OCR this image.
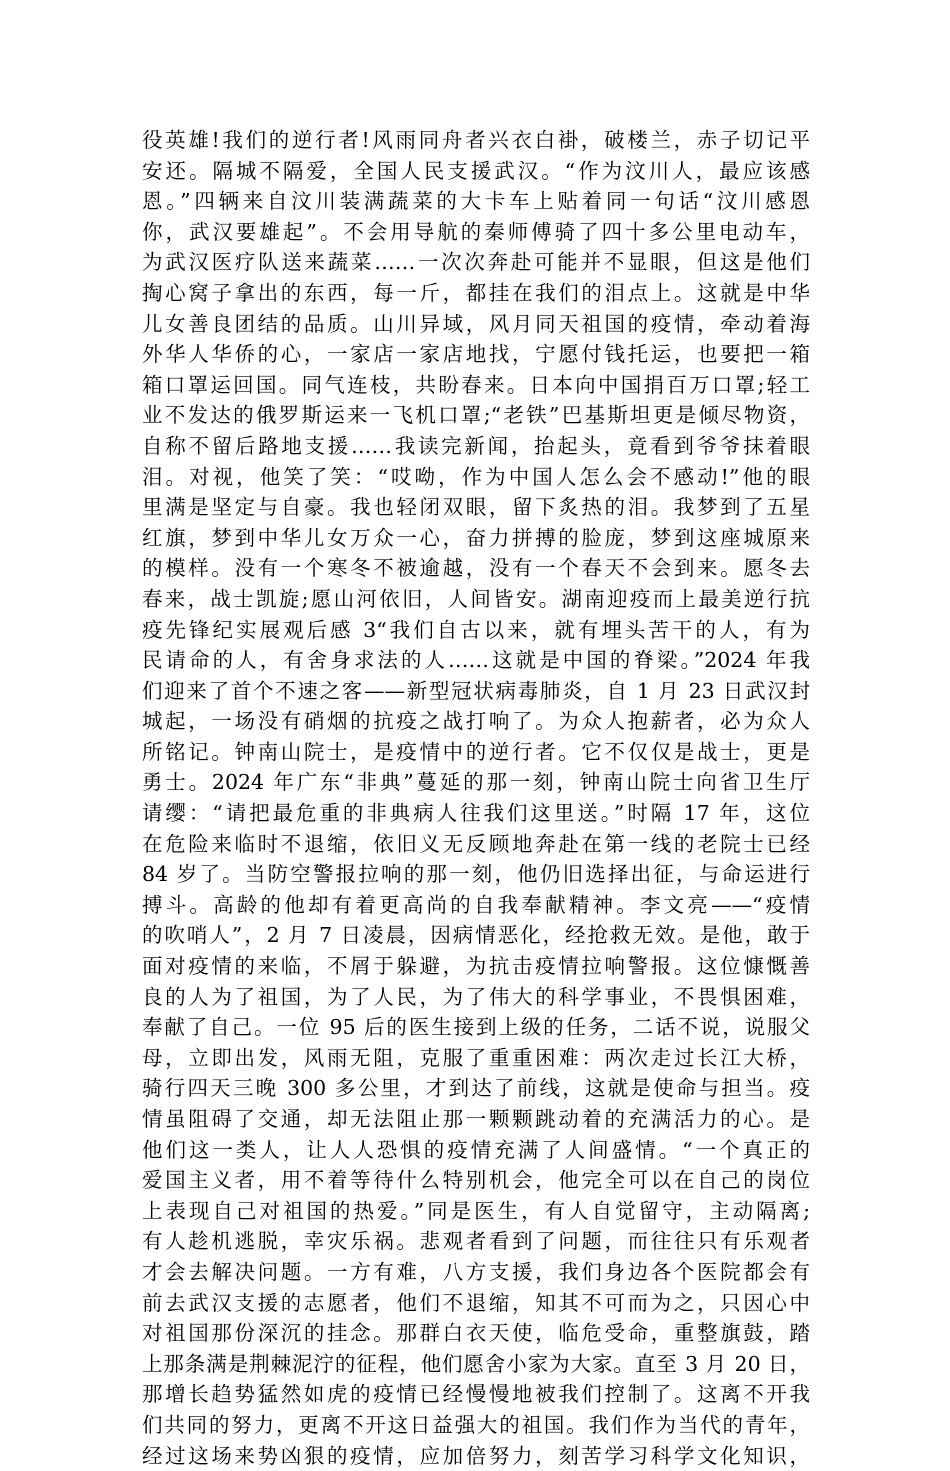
役英雄!我们的逆行者!风雨同舟者兴衣白褂，破楼兰，赤子切记平
安还。隔城不隔爱，全国人民支援武汉。“作为汶川人，最应该感
恩。”四辆来自汶川装满蔬菜的大卡车上贴着同一句话“汶川感恩
你，武汉要雄起”。不会用导航的秦师傅骑了四十多公里电动车，
为武汉医疗队送来蔬菜……一次次奔赴可能并不显眼，但这是他们
掏心窝子拿出的东西，每一斤，都挂在我们的泪点上。这就是中华
儿女善良团结的品质。山川异域，风月同天祖国的疫情，牵动着海
外华人华侨的心，一家店一家店地找，宁愿付钱托运，也要把一箱
箱口罩运回国。同气连枝，共盼春来。日本向中国捐百万口罩;轻工
业不发达的俄罗斯运来一飞机口罩;“老铁”巴基斯坦更是倾尽物资，
自称不留后路地支援……我读完新闻，抬起头，竟看到爷爷抹着眼
泪。对视，他笑了笑：“哎呦，作为中国人怎么会不感动!”他的眼
里满是坚定与自豪。我也轻闭双眼，留下炙热的泪。我梦到了五星
红旗，梦到中华儿女万众一心，奋力拼搏的脸庞，梦到这座城原来
的模样。没有一个寒冬不被逾越，没有一个春天不会到来。愿冬去
春来，战士凯旋;愿山河依旧，人间皆安。湖南迎疫而上最美逆行抗
疫先锋纪实展观后感 3“我们自古以来，就有埋头苦干的人，有为
民请命的人，有舍身求法的人……这就是中国的脊梁。”2024 年我
们迎来了首个不速之客——新型冠状病毒肺炎，自 1 月 23 日武汉封
城起，一场没有硝烟的抗疫之战打响了。为众人抱薪者，必为众人
所铭记。钟南山院士，是疫情中的逆行者。它不仅仅是战士，更是
勇士。2024 年广东“非典”蔓延的那一刻，钟南山院士向省卫生厅
请缨：“请把最危重的非典病人往我们这里送。”时隔 17 年，这位
在危险来临时不退缩，依旧义无反顾地奔赴在第一线的老院士已经
84 岁了。当防空警报拉响的那一刻，他仍旧选择出征，与命运进行
搏斗。高龄的他却有着更高尚的自我奉献精神。李文亮——“疫情
的吹哨人”，2 月 7 日凌晨，因病情恶化，经抢救无效。是他，敢于
面对疫情的来临，不屑于躲避，为抗击疫情拉响警报。这位慷慨善
良的人为了祖国，为了人民，为了伟大的科学事业，不畏惧困难，
奉献了自己。一位 95 后的医生接到上级的任务，二话不说，说服父
母，立即出发，风雨无阻，克服了重重困难：两次走过长江大桥，
骑行四天三晚 300 多公里，才到达了前线，这就是使命与担当。疫
情虽阻碍了交通，却无法阻止那一颗颗跳动着的充满活力的心。是
他们这一类人，让人人恐惧的疫情充满了人间盛情。“一个真正的
爱国主义者，用不着等待什么特别机会，他完全可以在自己的岗位
上表现自己对祖国的热爱。”同是医生，有人自觉留守，主动隔离;
有人趁机逃脱，幸灾乐祸。悲观者看到了问题，而往往只有乐观者
才会去解决问题。一方有难，八方支援，我们身边各个医院都会有
前去武汉支援的志愿者，他们不退缩，知其不可而为之，只因心中
对祖国那份深沉的挂念。那群白衣天使，临危受命，重整旗鼓，踏
上那条满是荆棘泥泞的征程，他们愿舍小家为大家。直至 3 月 20 日，
那增长趋势猛然如虎的疫情已经慢慢地被我们控制了。这离不开我
们共同的努力，更离不开这日益强大的祖国。我们作为当代的青年，
经过这场来势凶狠的疫情，应加倍努力，刻苦学习科学文化知识，
